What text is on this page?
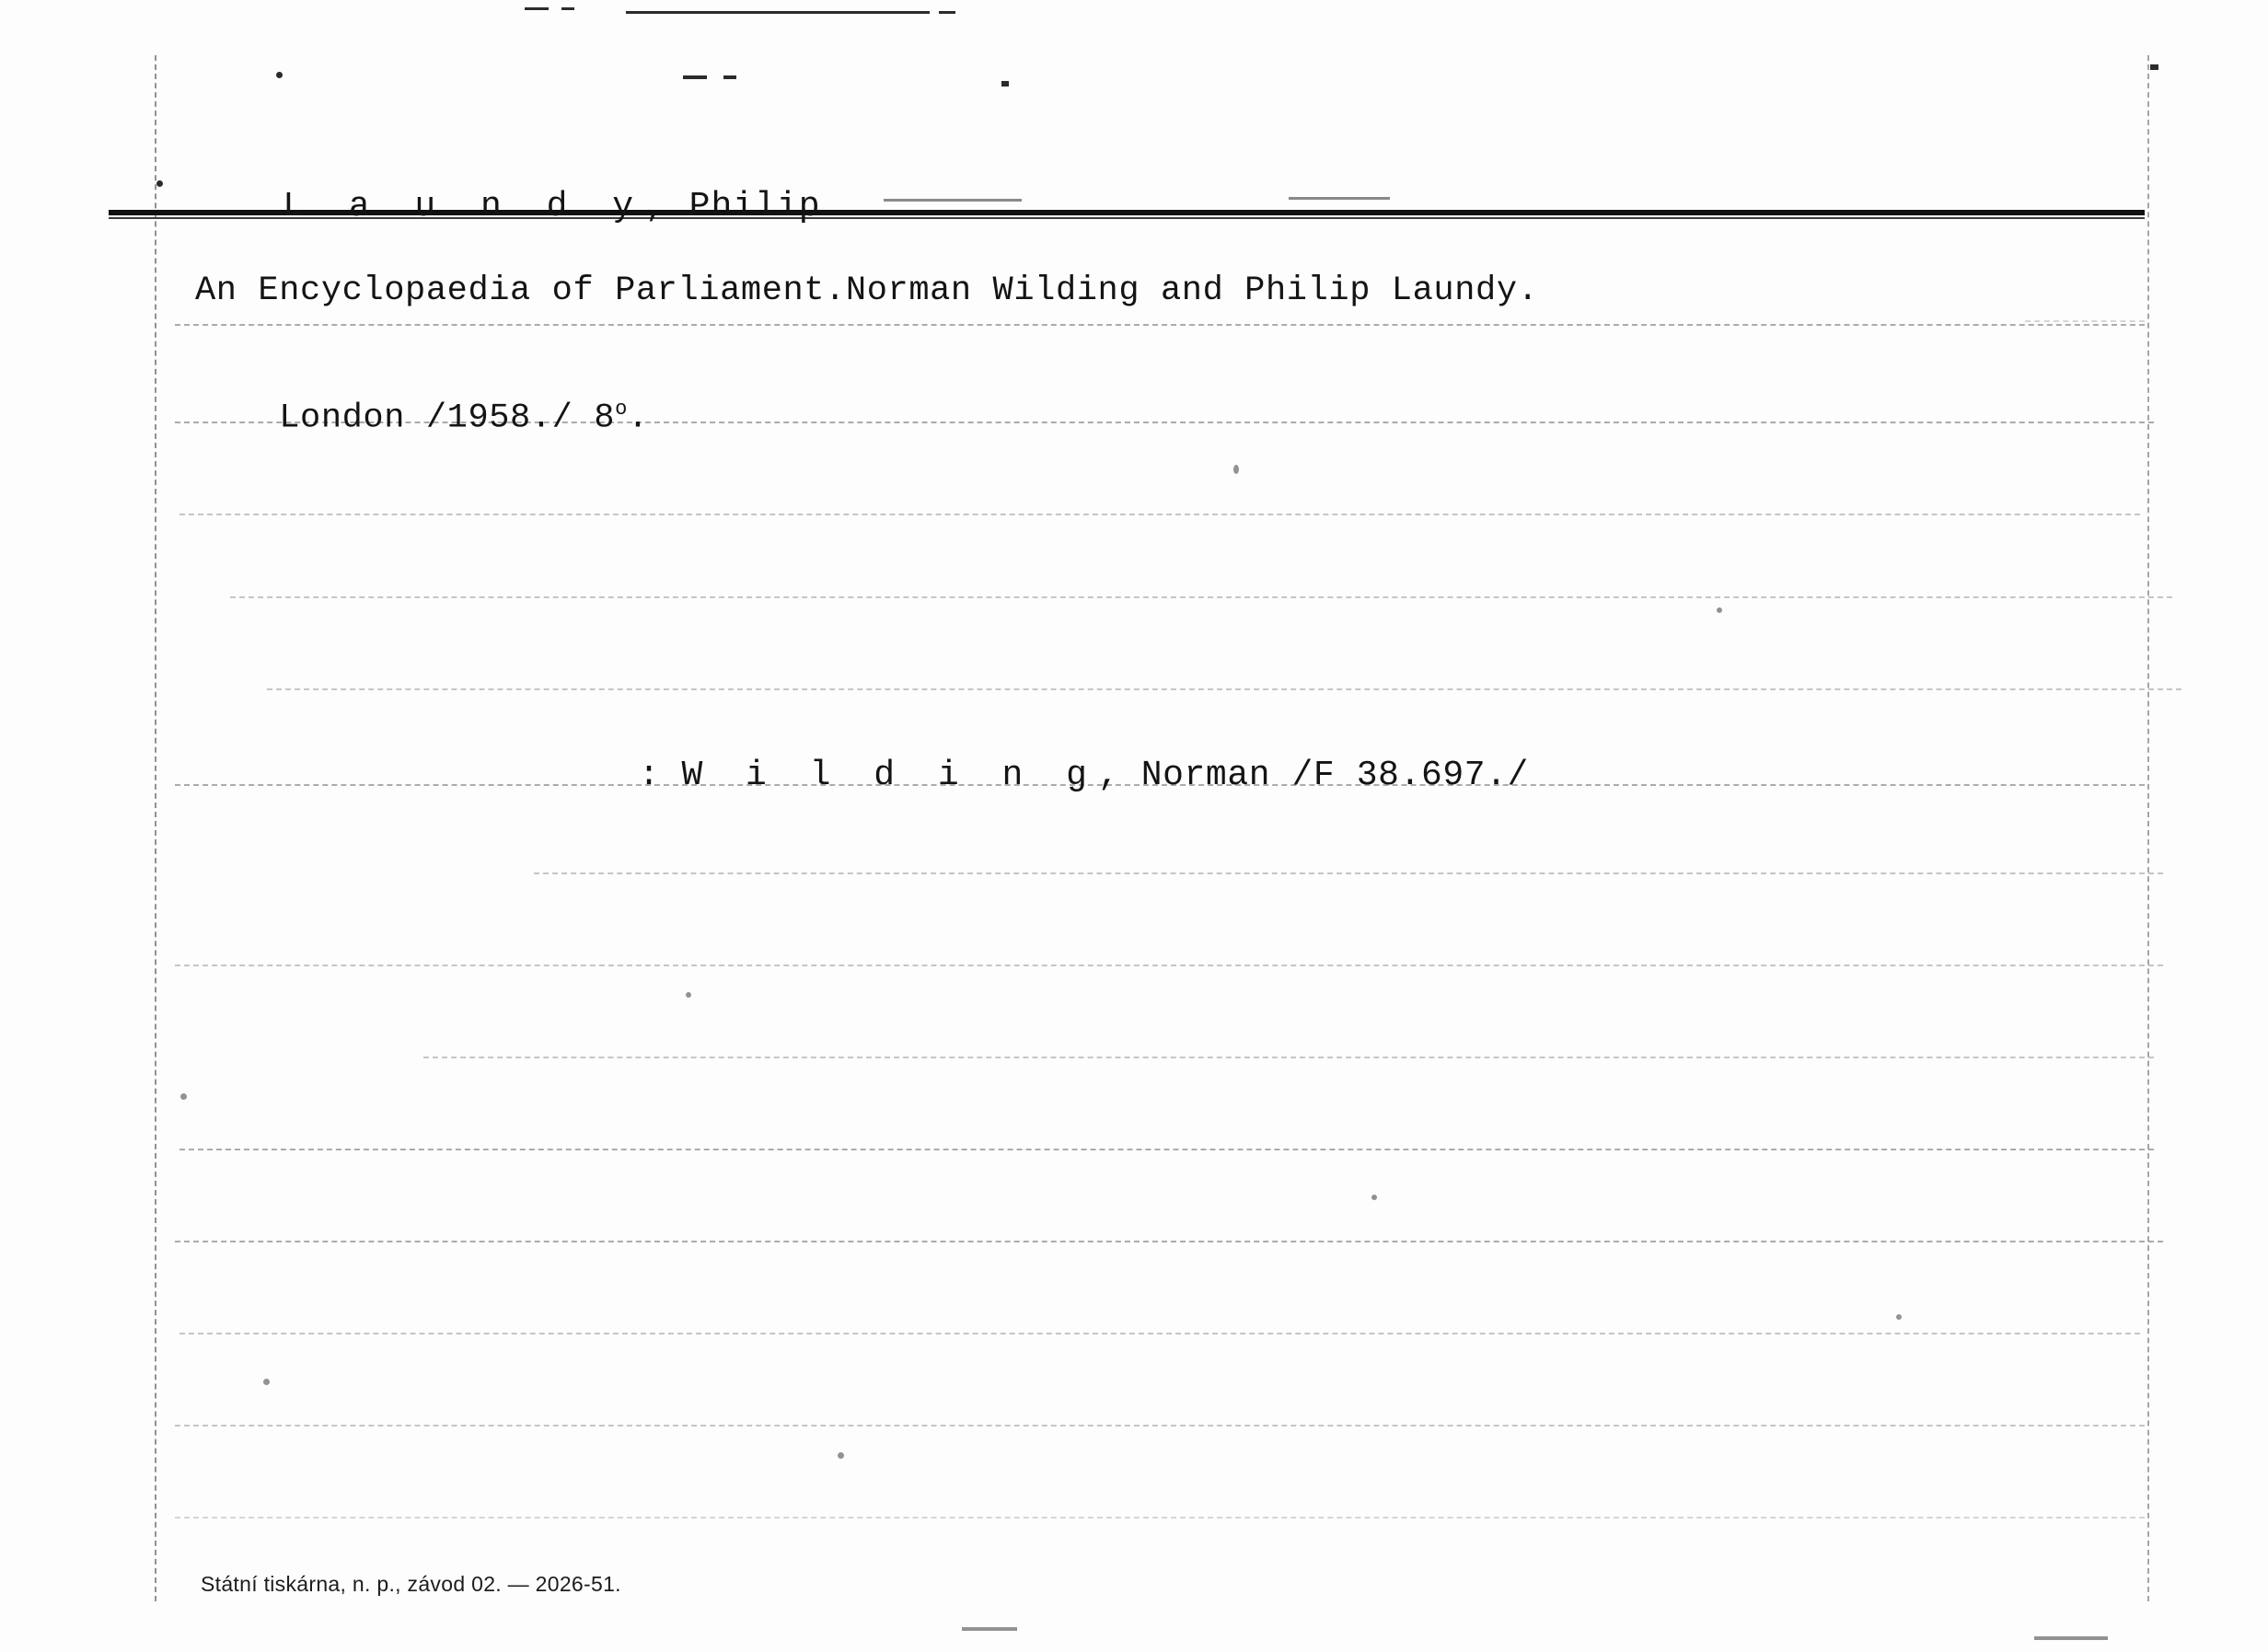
L a u n d y, Philip

An Encyclopaedia of Parliament.Norman Wilding and Philip Laundy.

London /1958./ 8$^o$.

: W i l d i n g, Norman /F 38.697./

Státní tiskárna, n. p., závod 02. — 2026-51.
